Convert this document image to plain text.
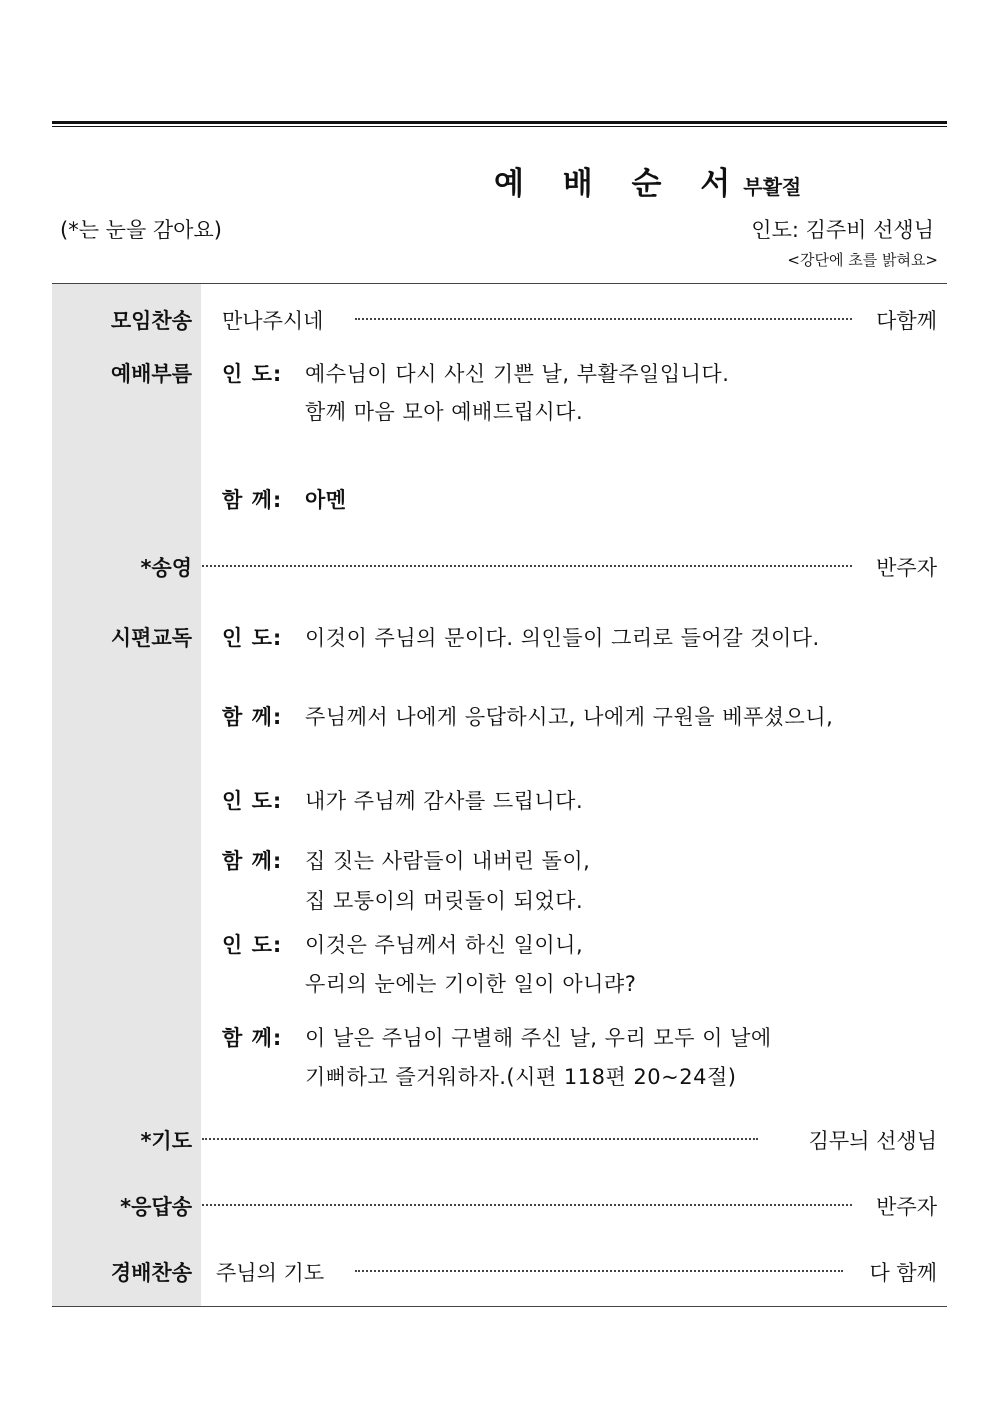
예 배 순 서 부활절
(*는 눈을 감아요)	인도: 김주비 선생님
<강단에 초를 밝혀요>
모임찬송 만나주시네	다함께
예배부름 인 도: 예수님이 다시 사신 기쁜 날, 부활주일입니다.
함께 마음 모아 예배드립시다.
함 께: 아멘
*송영	반주자
시편교독 인 도: 이것이 주님의 문이다. 의인들이 그리로 들어갈 것이다.
함 께: 주님께서 나에게 응답하시고, 나에게 구원을 베푸셨으니,
인 도: 내가 주님께 감사를 드립니다.
함 께: 집 짓는 사람들이 내버린 돌이,
집 모퉁이의 머릿돌이 되었다.
인 도: 이것은 주님께서 하신 일이니,
우리의 눈에는 기이한 일이 아니랴?
함 께: 이 날은 주님이 구별해 주신 날, 우리 모두 이 날에
기뻐하고 즐거워하자.(시편 118편 20~24절)
*기도	김무늬 선생님
*응답송	반주자
경배찬송 주님의 기도	다 함께
